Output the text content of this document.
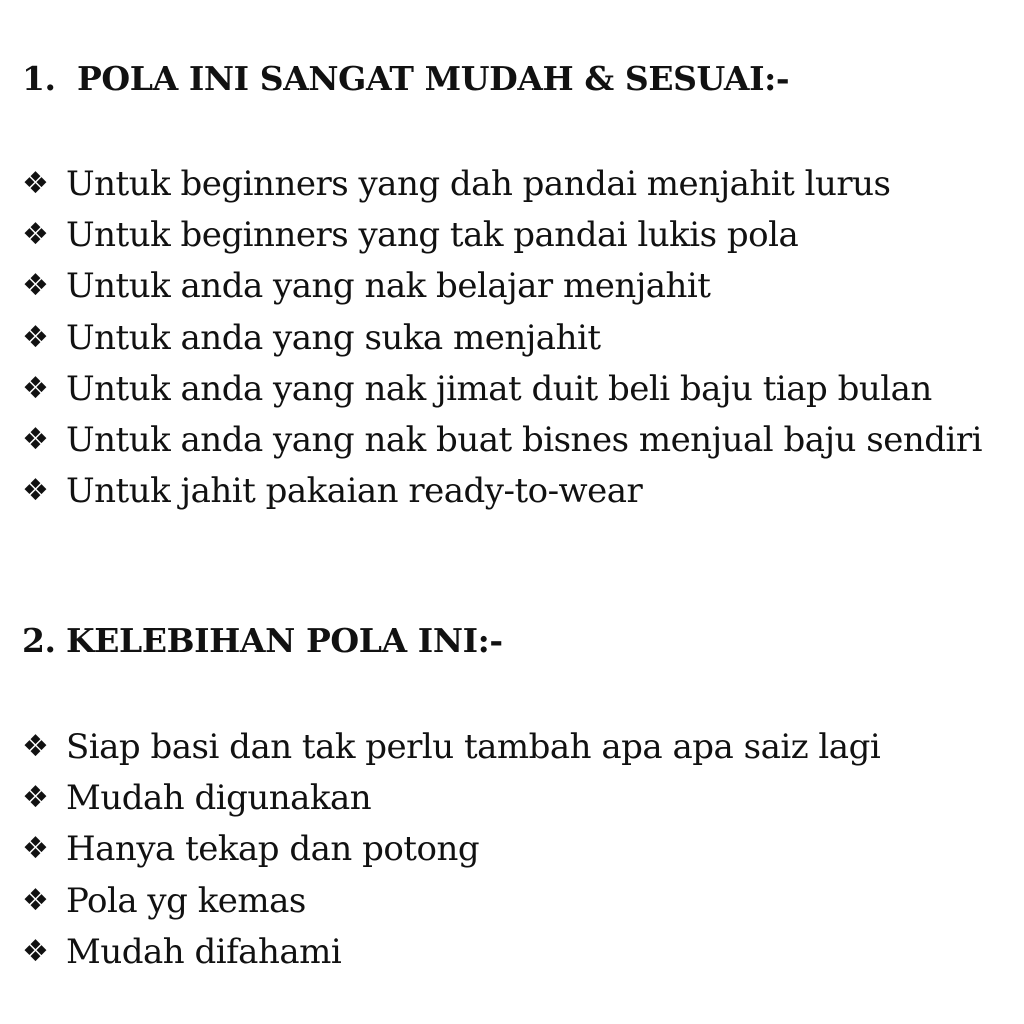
1. POLA INI SANGAT MUDAH & SESUAI:-
❖ Untuk beginners yang dah pandai menjahit lurus
❖ Untuk beginners yang tak pandai lukis pola
❖ Untuk anda yang nak belajar menjahit
❖ Untuk anda yang suka menjahit
❖ Untuk anda yang nak jimat duit beli baju tiap bulan
❖ Untuk anda yang nak buat bisnes menjual baju sendiri
❖ Untuk jahit pakaian ready-to-wear
2. KELEBIHAN POLA INI:-
❖ Siap basi dan tak perlu tambah apa apa saiz lagi
❖ Mudah digunakan
❖ Hanya tekap dan potong
❖ Pola yg kemas
❖ Mudah difahami
